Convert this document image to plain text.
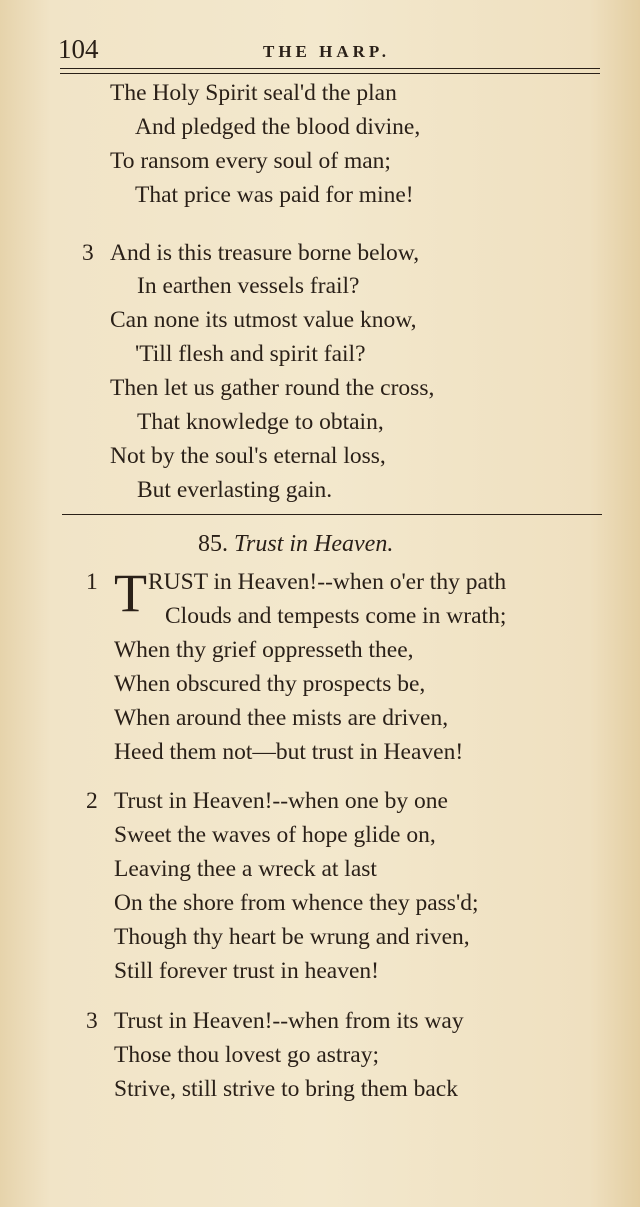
104	THE HARP.
The Holy Spirit seal'd the plan
And pledged the blood divine,
To ransom every soul of man;
That price was paid for mine!
3 And is this treasure borne below,
In earthen vessels frail?
Can none its utmost value know,
'Till flesh and spirit fail?
Then let us gather round the cross,
That knowledge to obtain,
Not by the soul's eternal loss,
But everlasting gain.
85. Trust in Heaven.
1 T RUST in Heaven!--when o'er thy path
Clouds and tempests come in wrath;
When thy grief oppresseth thee,
When obscured thy prospects be,
When around thee mists are driven,
Heed them not—but trust in Heaven!
2 Trust in Heaven!--when one by one
Sweet the waves of hope glide on,
Leaving thee a wreck at last
On the shore from whence they pass'd;
Though thy heart be wrung and riven,
Still forever trust in heaven!
3 Trust in Heaven!--when from its way
Those thou lovest go astray;
Strive, still strive to bring them back
